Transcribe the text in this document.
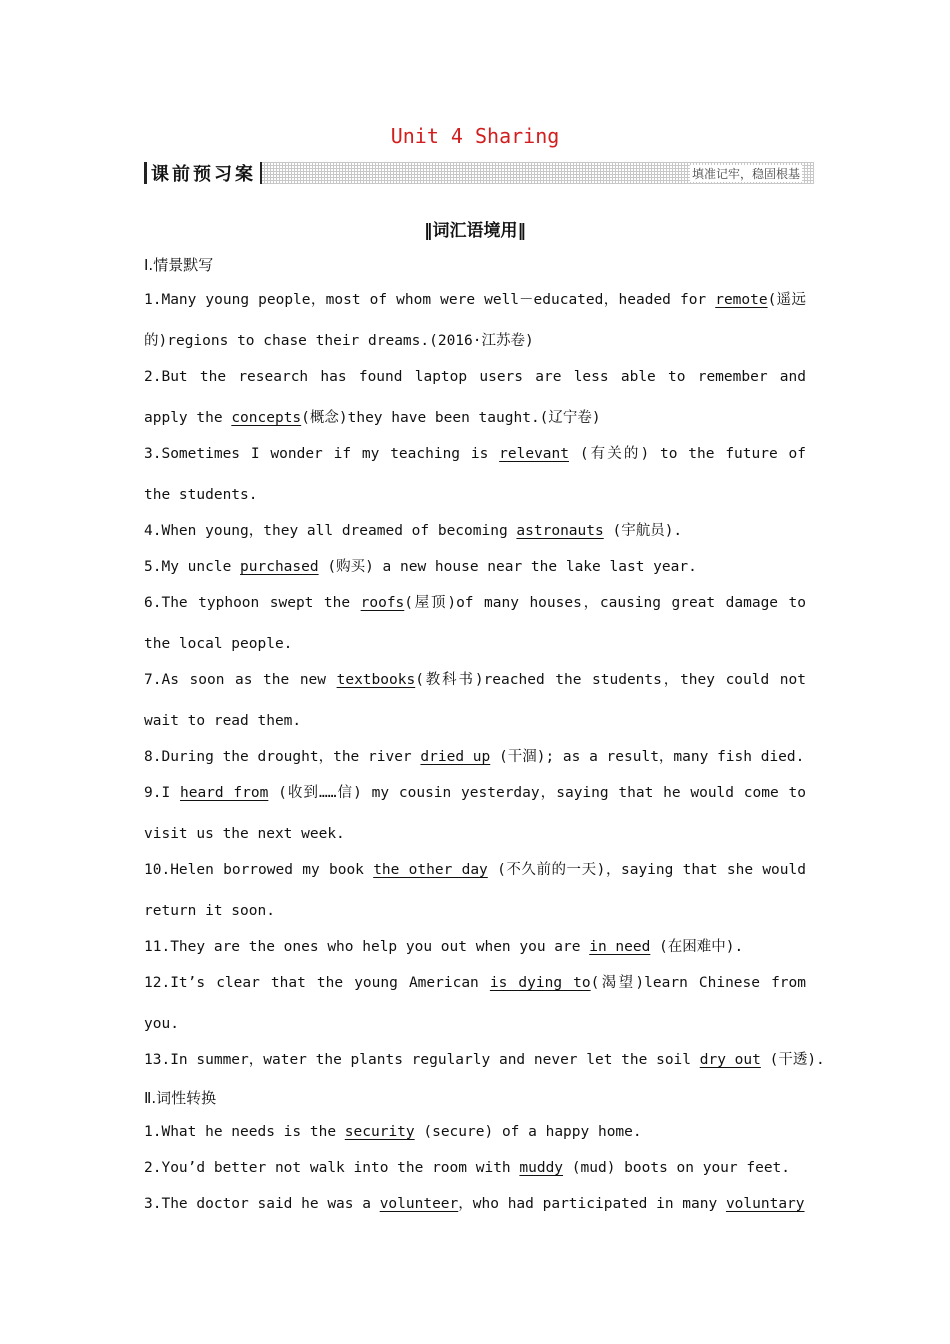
Unit 4 Sharing
课前预习案	填准记牢，稳固根基
‖词汇语境用‖
Ⅰ.情景默写

1.Many young people，most of whom were well－educated，headed for remote(遥远的)regions to chase their dreams.(2016·江苏卷)

2.But the research has found laptop users are less able to remember and apply the concepts(概念)they have been taught.(辽宁卷)

3.Sometimes I wonder if my teaching is relevant (有关的) to the future of the students.

4.When young，they all dreamed of becoming astronauts (宇航员).

5.My uncle purchased (购买) a new house near the lake last year.

6.The typhoon swept the roofs(屋顶)of many houses，causing great damage to the local people.

7.As soon as the new textbooks(教科书)reached the students，they could not wait to read them.

8.During the drought，the river dried up (干涸); as a result，many fish died.

9.I heard from (收到……信) my cousin yesterday，saying that he would come to visit us the next week.

10.Helen borrowed my book the other day (不久前的一天)，saying that she would return it soon.

11.They are the ones who help you out when you are in need (在困难中).

12.It’s clear that the young American is dying to(渴望)learn Chinese from you.

13.In summer，water the plants regularly and never let the soil dry out (干透).

Ⅱ.词性转换

1.What he needs is the security (secure) of a happy home.

2.You’d better not walk into the room with muddy (mud) boots on your feet.

3.The doctor said he was a volunteer，who had participated in many voluntary
